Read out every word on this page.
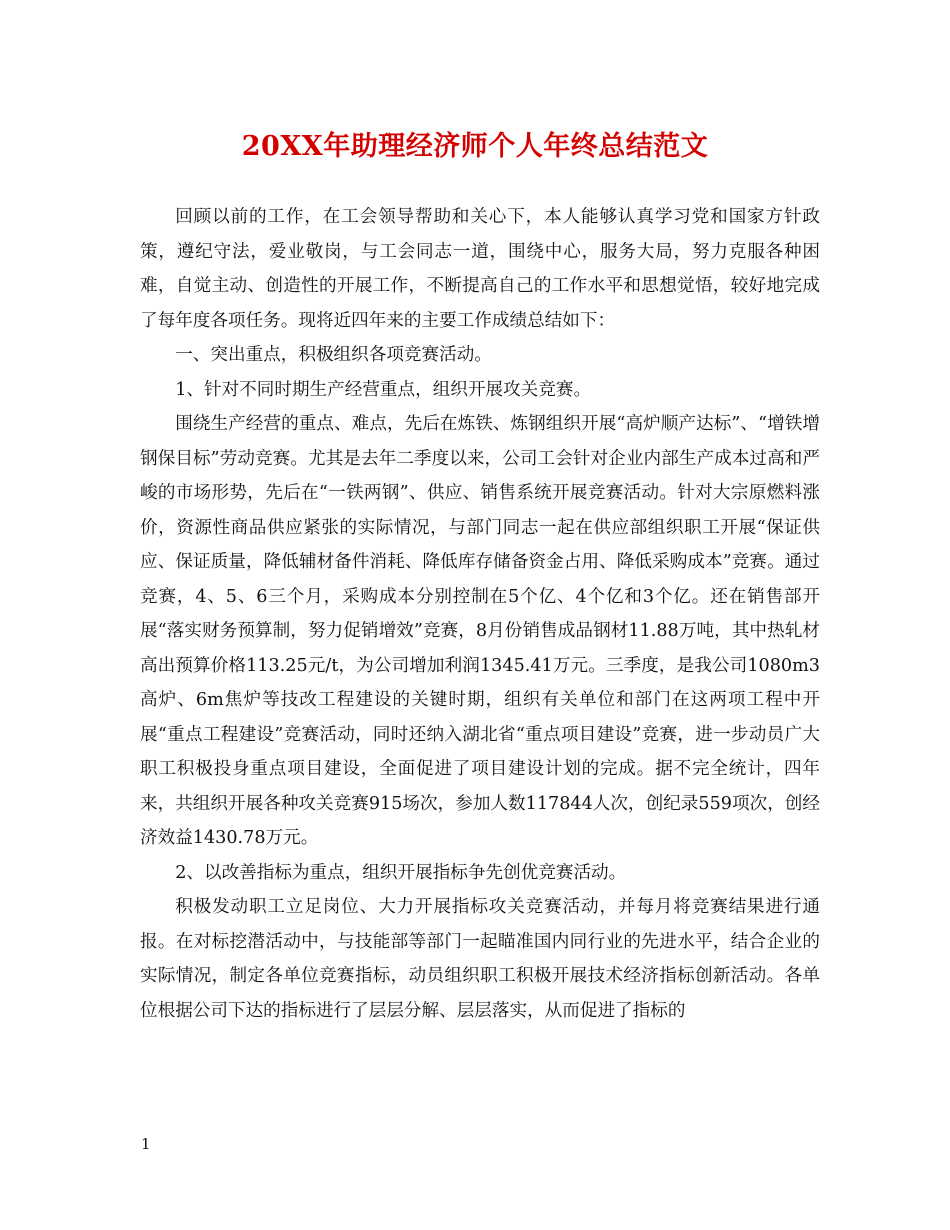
20XX年助理经济师个人年终总结范文

回顾以前的工作，在工会领导帮助和关心下，本人能够认真学习党和国家方针政策，遵纪守法，爱业敬岗，与工会同志一道，围绕中心，服务大局，努力克服各种困难，自觉主动、创造性的开展工作，不断提高自己的工作水平和思想觉悟，较好地完成了每年度各项任务。现将近四年来的主要工作成绩总结如下：

一、突出重点，积极组织各项竞赛活动。

1、针对不同时期生产经营重点，组织开展攻关竞赛。

围绕生产经营的重点、难点，先后在炼铁、炼钢组织开展“高炉顺产达标”、“增铁增钢保目标”劳动竞赛。尤其是去年二季度以来，公司工会针对企业内部生产成本过高和严峻的市场形势，先后在“一铁两钢”、供应、销售系统开展竞赛活动。针对大宗原燃料涨价，资源性商品供应紧张的实际情况，与部门同志一起在供应部组织职工开展“保证供应、保证质量，降低辅材备件消耗、降低库存储备资金占用、降低采购成本”竞赛。通过竞赛，4、5、6三个月，采购成本分别控制在5个亿、4个亿和3个亿。还在销售部开展“落实财务预算制，努力促销增效”竞赛，8月份销售成品钢材11.88万吨，其中热轧材高出预算价格113.25元/t，为公司增加利润1345.41万元。三季度，是我公司1080m3高炉、6m焦炉等技改工程建设的关键时期，组织有关单位和部门在这两项工程中开展“重点工程建设”竞赛活动，同时还纳入湖北省“重点项目建设”竞赛，进一步动员广大职工积极投身重点项目建设，全面促进了项目建设计划的完成。据不完全统计，四年来，共组织开展各种攻关竞赛915场次，参加人数117844人次，创纪录559项次，创经济效益1430.78万元。

2、以改善指标为重点，组织开展指标争先创优竞赛活动。

积极发动职工立足岗位、大力开展指标攻关竞赛活动，并每月将竞赛结果进行通报。在对标挖潜活动中，与技能部等部门一起瞄准国内同行业的先进水平，结合企业的实际情况，制定各单位竞赛指标，动员组织职工积极开展技术经济指标创新活动。各单位根据公司下达的指标进行了层层分解、层层落实，从而促进了指标的

1
